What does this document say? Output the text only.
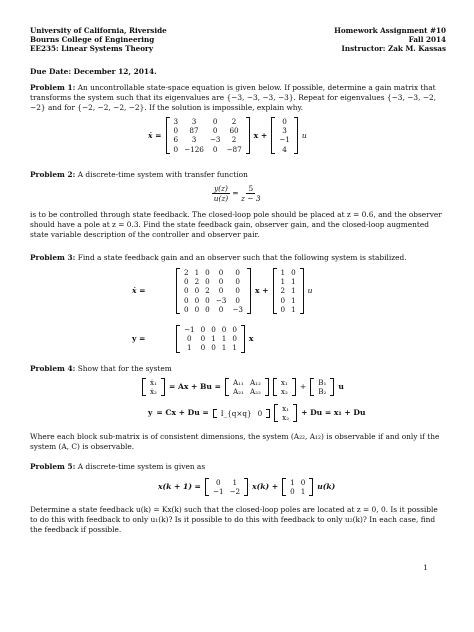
University of California, Riverside
Bourns College of Engineering
EE235: Linear Systems Theory
Homework Assignment #10
Fall 2014
Instructor: Zak M. Kassas
Due Date: December 12, 2014.
Problem 1: An uncontrollable state-space equation is given below. If possible, determine a gain matrix that transforms the system such that its eigenvalues are {−3, −3, −3, −3}. Repeat for eigenvalues {−3, −3, −2, −2} and for {−2, −2, −2, −2}. If the solution is impossible, explain why.
ẋ =
3	3	0	2
0	87	0	60
6	3	−3	2
0	−126	0	−87
x +
0
3
−1
4
u
Problem 2: A discrete-time system with transfer function
$\frac{y(z)}{u(z)} = \frac{5}{z - 3}$
is to be controlled through state feedback. The closed-loop pole should be placed at z = 0.6, and the observer should have a pole at z = 0.3. Find the state feedback gain, observer gain, and the closed-loop augmented state variable description of the controller and observer pair.
Problem 3: Find a state feedback gain and an observer such that the following system is stabilized.
ẋ =
2	1	0	0	0
0	2	0	0	0
0	0	2	0	0
0	0	0	−3	0
0	0	0	0	−3
x +
1	0
1	1
2	1
0	1
0	1
u
y =
−1	0	0	0	0
0	0	1	1	0
1	0	0	1	1
x
Problem 4: Show that for the system
ẋ₁
ẋ₂
= Ax + Bu = A₁₁	A₁₂
A₂₁	A₂₂
x₁
x₂
+ B₁
B₂
u
y = Cx + Du = I_{q×q}	0
x₁
x₂
+ Du = x₁ + Du
Where each block sub-matrix is of consistent dimensions, the system (A₂₂, A₁₂) is observable if and only if the system (A, C) is observable.
Problem 5: A discrete-time system is given as
x(k + 1) = 0	1
−1	−2
x(k) + 1	0
0	1
u(k)
Determine a state feedback u(k) = Kx(k) such that the closed-loop poles are located at z = 0, 0. Is it possible to do this with feedback to only u₁(k)? Is it possible to do this with feedback to only u₂(k)? In each case, find the feedback if possible.
1
